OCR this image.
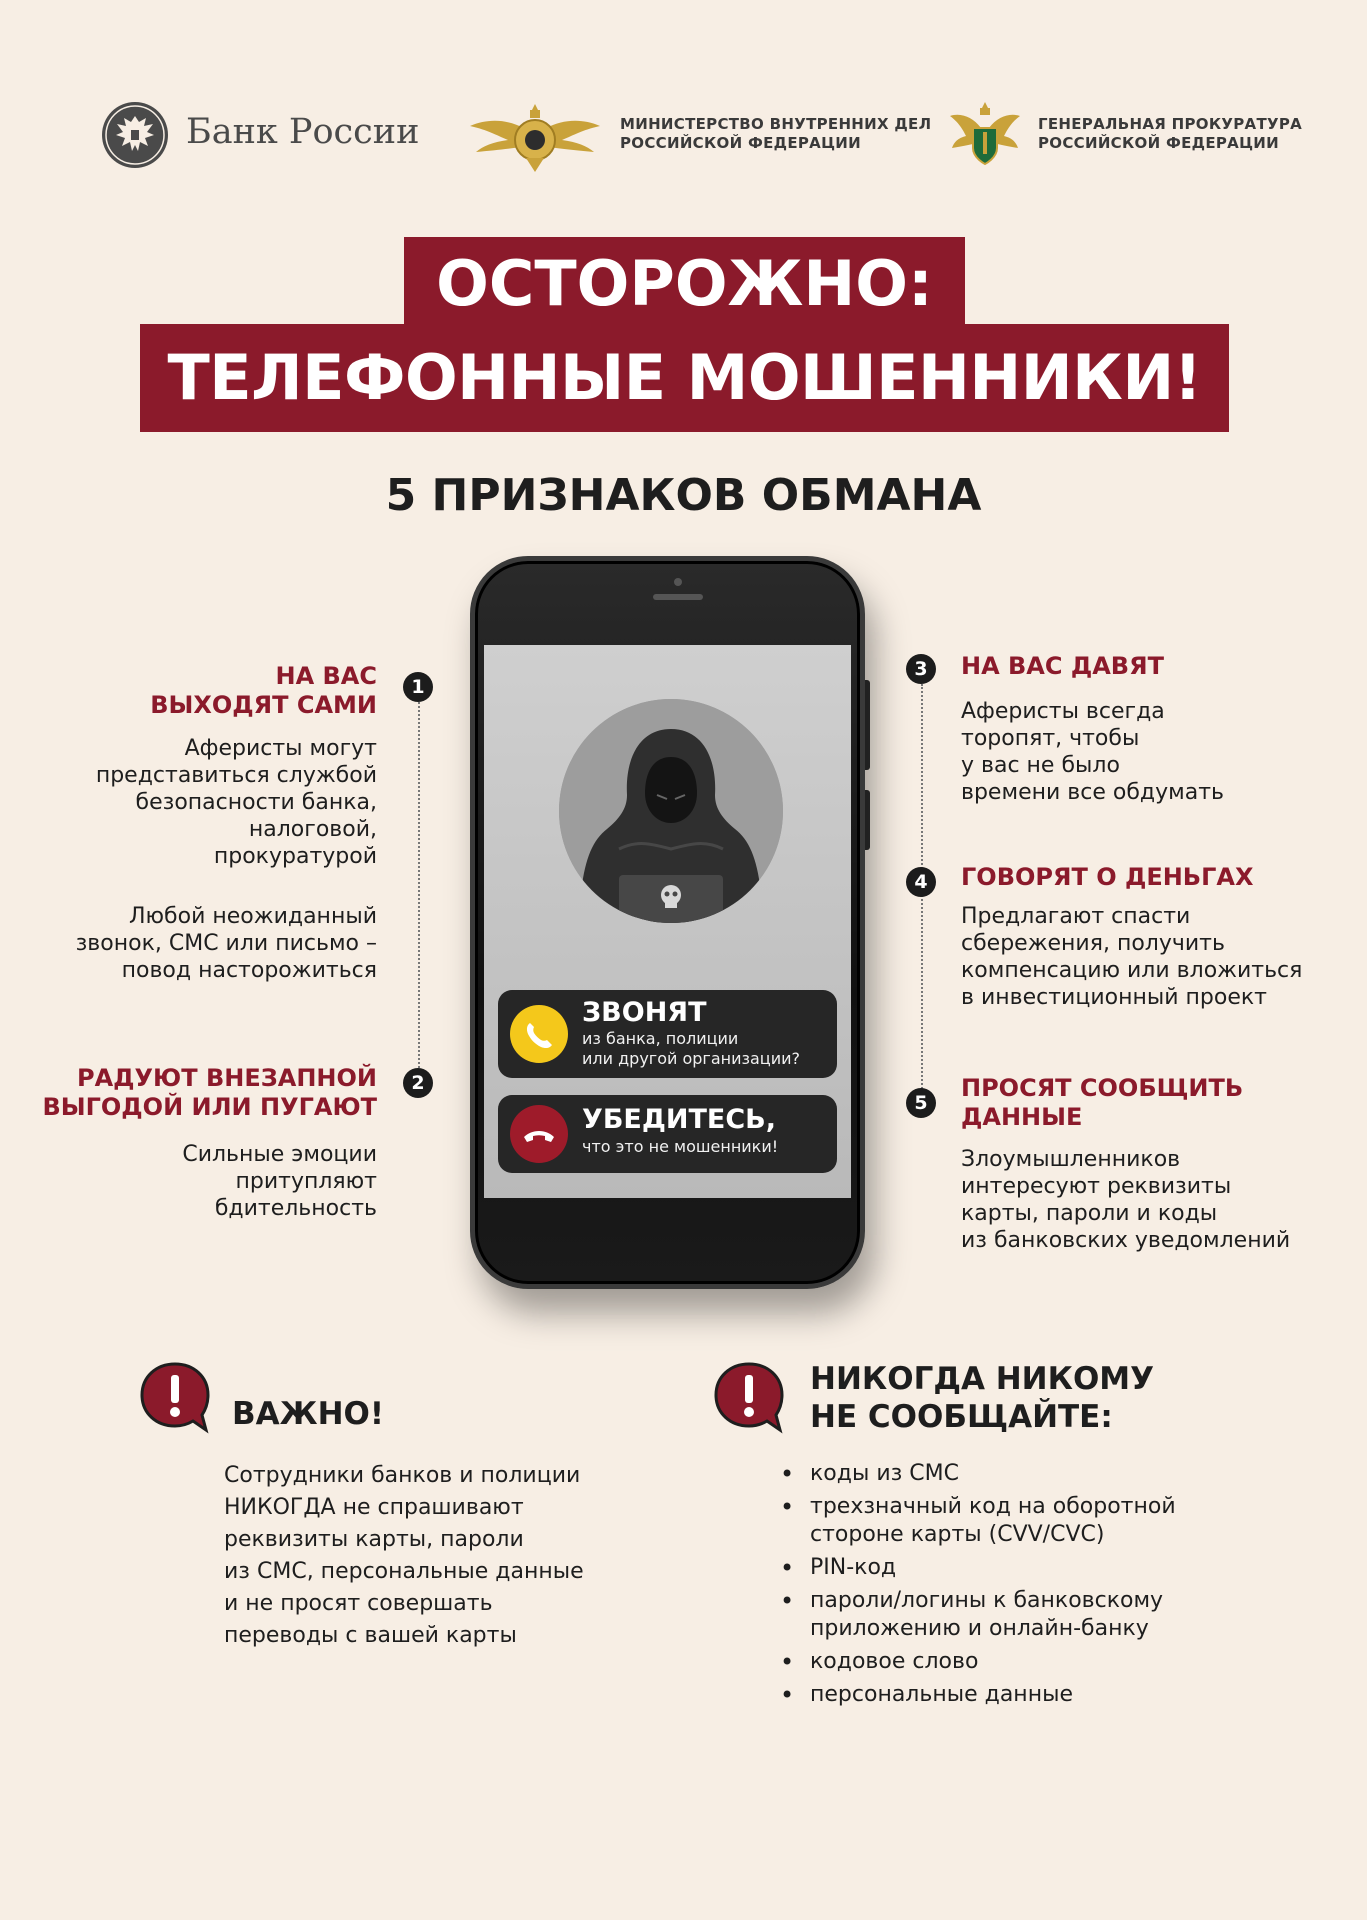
Банк России	МИНИСТЕРСТВО ВНУТРЕННИХ ДЕЛ
РОССИЙСКОЙ ФЕДЕРАЦИИ
ГЕНЕРАЛЬНАЯ ПРОКУРАТУРА
РОССИЙСКОЙ ФЕДЕРАЦИИ
ТЕЛЕФОННЫЕ МОШЕННИКИ!
ОСТОРОЖНО:
5 ПРИЗНАКОВ ОБМАНА
1
НА ВАС
ВЫХОДЯТ САМИ
Аферисты могут
представиться службой
безопасности банка,
налоговой,
прокуратурой
Любой неожиданный
звонок, СМС или письмо –
повод насторожиться
2
РАДУЮТ ВНЕЗАПНОЙ
ВЫГОДОЙ ИЛИ ПУГАЮТ
Сильные эмоции
притупляют
бдительность
3	НА ВАС ДАВЯТ
Аферисты всегда
торопят, чтобы
у вас не было
времени все обдумать
4	ГОВОРЯТ О ДЕНЬГАХ
Предлагают спасти
сбережения, получить
компенсацию или вложиться
в инвестиционный проект
5
ПРОСЯТ СООБЩИТЬ
ДАННЫЕ
Злоумышленников
интересуют реквизиты
карты, пароли и коды
из банковских уведомлений
ЗВОНЯТ
из банка, полиции
или другой организации?
УБЕДИТЕСЬ,
что это не мошенники!
ВАЖНО!
Сотрудники банков и полиции
НИКОГДА не спрашивают
реквизиты карты, пароли
из СМС, персональные данные
и не просят совершать
переводы с вашей карты
НИКОГДА НИКОМУ
НЕ СООБЩАЙТЕ:
• коды из СМС
• трехзначный код на оборотной
стороне карты (CVV/CVC)
• PIN-код
• пароли/логины к банковскому
приложению и онлайн-банку
• кодовое слово
• персональные данные
